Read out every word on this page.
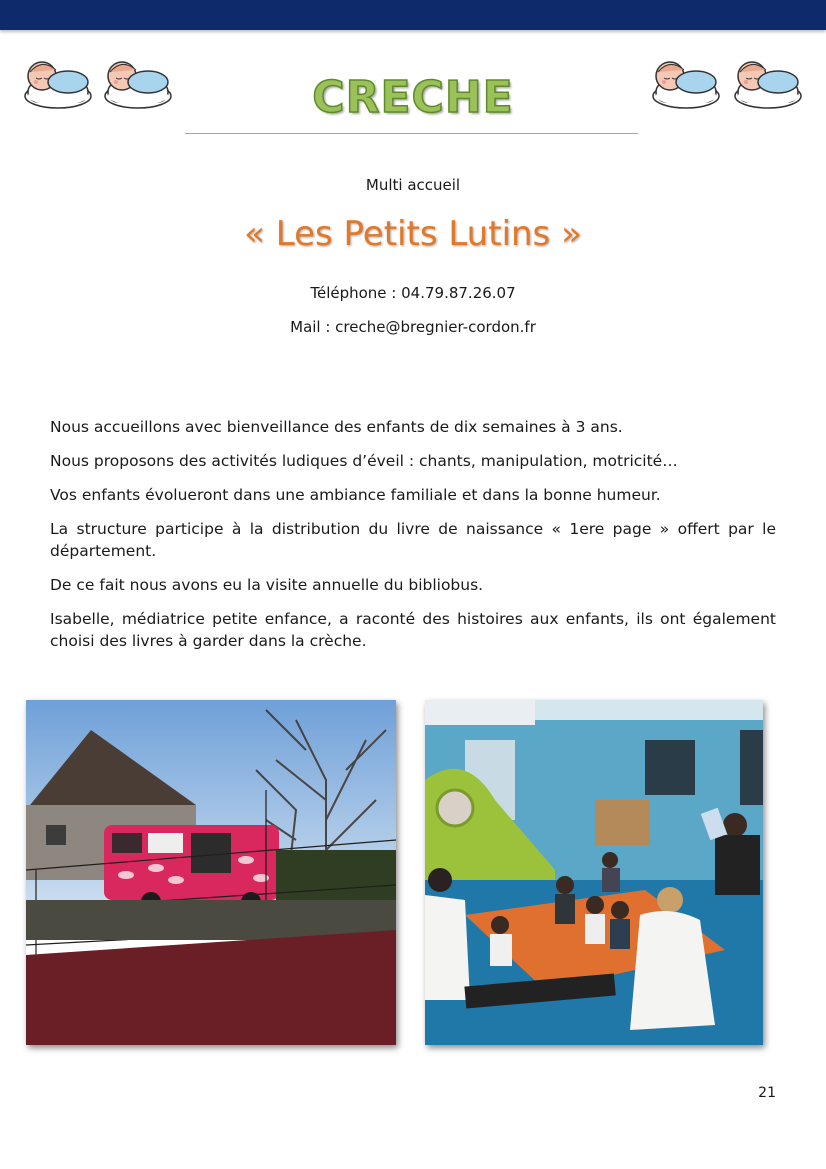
CRECHE
Multi accueil
« Les Petits Lutins »
Téléphone : 04.79.87.26.07
Mail : creche@bregnier-cordon.fr

Nous accueillons avec bienveillance des enfants de dix semaines à 3 ans.

Nous proposons des activités ludiques d’éveil : chants, manipulation, motricité…

Vos enfants évolueront dans une ambiance familiale et dans la bonne humeur.

La structure participe à la distribution du livre de naissance « 1ere page » offert par le département.

De ce fait nous avons eu la visite annuelle du bibliobus.

Isabelle, médiatrice petite enfance, a raconté des histoires aux enfants, ils ont également choisi des livres à garder dans la crèche.

21
